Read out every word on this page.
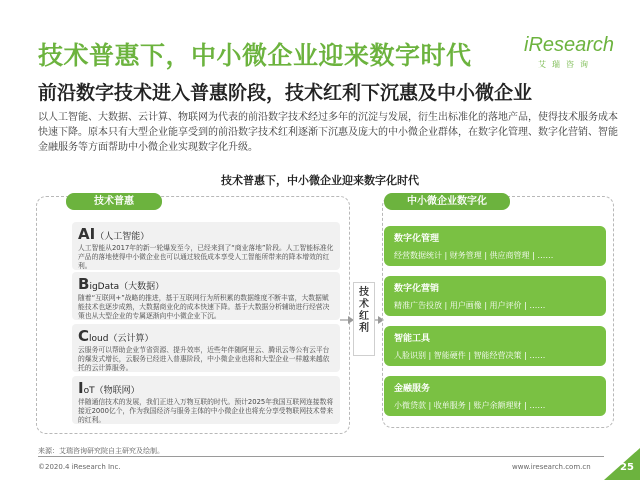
技术普惠下，中小微企业迎来数字时代	iResearch
艾瑞咨询
前沿数字技术进入普惠阶段，技术红利下沉惠及中小微企业
以人工智能、大数据、云计算、物联网为代表的前沿数字技术经过多年的沉淀与发展，衍生出标准化的落地产品，使得技术服务成本快速下降。原本只有大型企业能享受到的前沿数字技术红利逐渐下沉惠及庞大的中小微企业群体，在数字化管理、数字化营销、智能金融服务等方面帮助中小微企业实现数字化升级。
技术普惠下，中小微企业迎来数字化时代
技术普惠
AI（人工智能）
人工智能从2017年的新一轮爆发至今，已经来到了“商业落地”阶段。人工智能标准化产品的落地使得中小微企业也可以通过较低成本享受人工智能所带来的降本增效的红利。
BigData（大数据）
随着“互联网+”战略的推进，基于互联网行为所积累的数据维度不断丰富，大数据赋能技术也逐步成熟，大数据商业化的成本快速下降。基于大数据分析辅助进行经营决策也从大型企业的专属逐渐向中小微企业下沉。
Cloud（云计算）
云服务可以帮助企业节省资源、提升效率，近些年伴随阿里云、腾讯云等公有云平台的爆发式增长，云服务已经进入普惠阶段，中小微企业也将和大型企业一样越来越依托的云计算服务。
IoT（物联网）
伴随通信技术的发展，我们正进入万物互联的时代。预计2025年我国互联网连接数将接近2000亿个，作为我国经济与服务主体的中小微企业也将充分享受物联网技术带来的红利。
技
术
红
利
中小微企业数字化
数字化管理
经营数据统计 | 财务管理 | 供应商管理 | ……
数字化营销
精准广告投放 | 用户画像 | 用户评价 | ……
智能工具
人脸识别 | 智能硬件 | 智能经营决策 | ……
金融服务
小微贷款 | 收单服务 | 账户余额理财 | ……
来源：艾瑞咨询研究院自主研究及绘制。
©2020.4 iResearch Inc.	www.iresearch.com.cn	25
